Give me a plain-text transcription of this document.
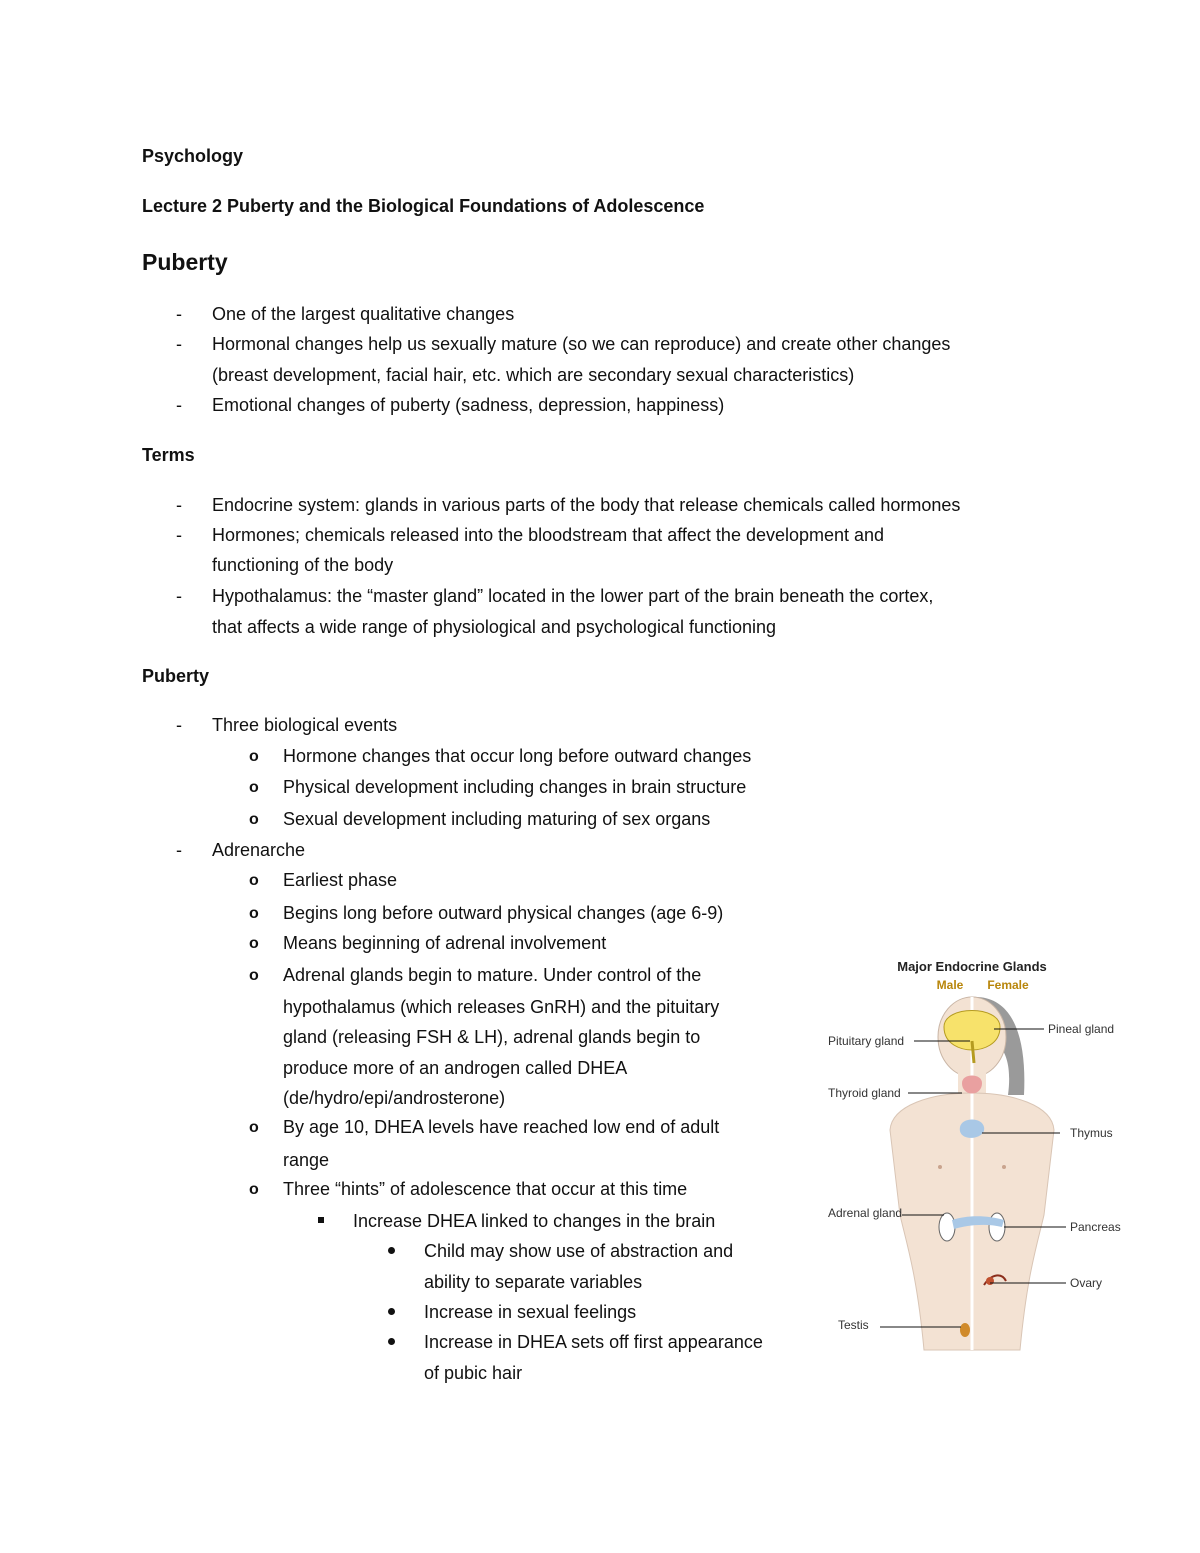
Psychology

Lecture 2 Puberty and the Biological Foundations of Adolescence

Puberty

- One of the largest qualitative changes

- Hormonal changes help us sexually mature (so we can reproduce) and create other changes

(breast development, facial hair, etc. which are secondary sexual characteristics)

- Emotional changes of puberty (sadness, depression, happiness)

Terms

- Endocrine system: glands in various parts of the body that release chemicals called hormones

- Hormones; chemicals released into the bloodstream that affect the development and

functioning of the body

- Hypothalamus: the “master gland” located in the lower part of the brain beneath the cortex,

that affects a wide range of physiological and psychological functioning

Puberty

- Three biological events

o Hormone changes that occur long before outward changes

o Physical development including changes in brain structure

o Sexual development including maturing of sex organs

- Adrenarche

o Earliest phase

o Begins long before outward physical changes (age 6-9)

o Means beginning of adrenal involvement

o Adrenal glands begin to mature. Under control of the

hypothalamus (which releases GnRH) and the pituitary

gland (releasing FSH & LH), adrenal glands begin to

produce more of an androgen called DHEA

(de/hydro/epi/androsterone)

o By age 10, DHEA levels have reached low end of adult

range

o Three “hints” of adolescence that occur at this time

Increase DHEA linked to changes in the brain

Child may show use of abstraction and

ability to separate variables

Increase in sexual feelings

Increase in DHEA sets off first appearance

of pubic hair

Major Endocrine Glands
Male Female
Pituitary gland
Thyroid gland
Adrenal gland
Testis
Pineal gland
Thymus
Pancreas
Ovary
